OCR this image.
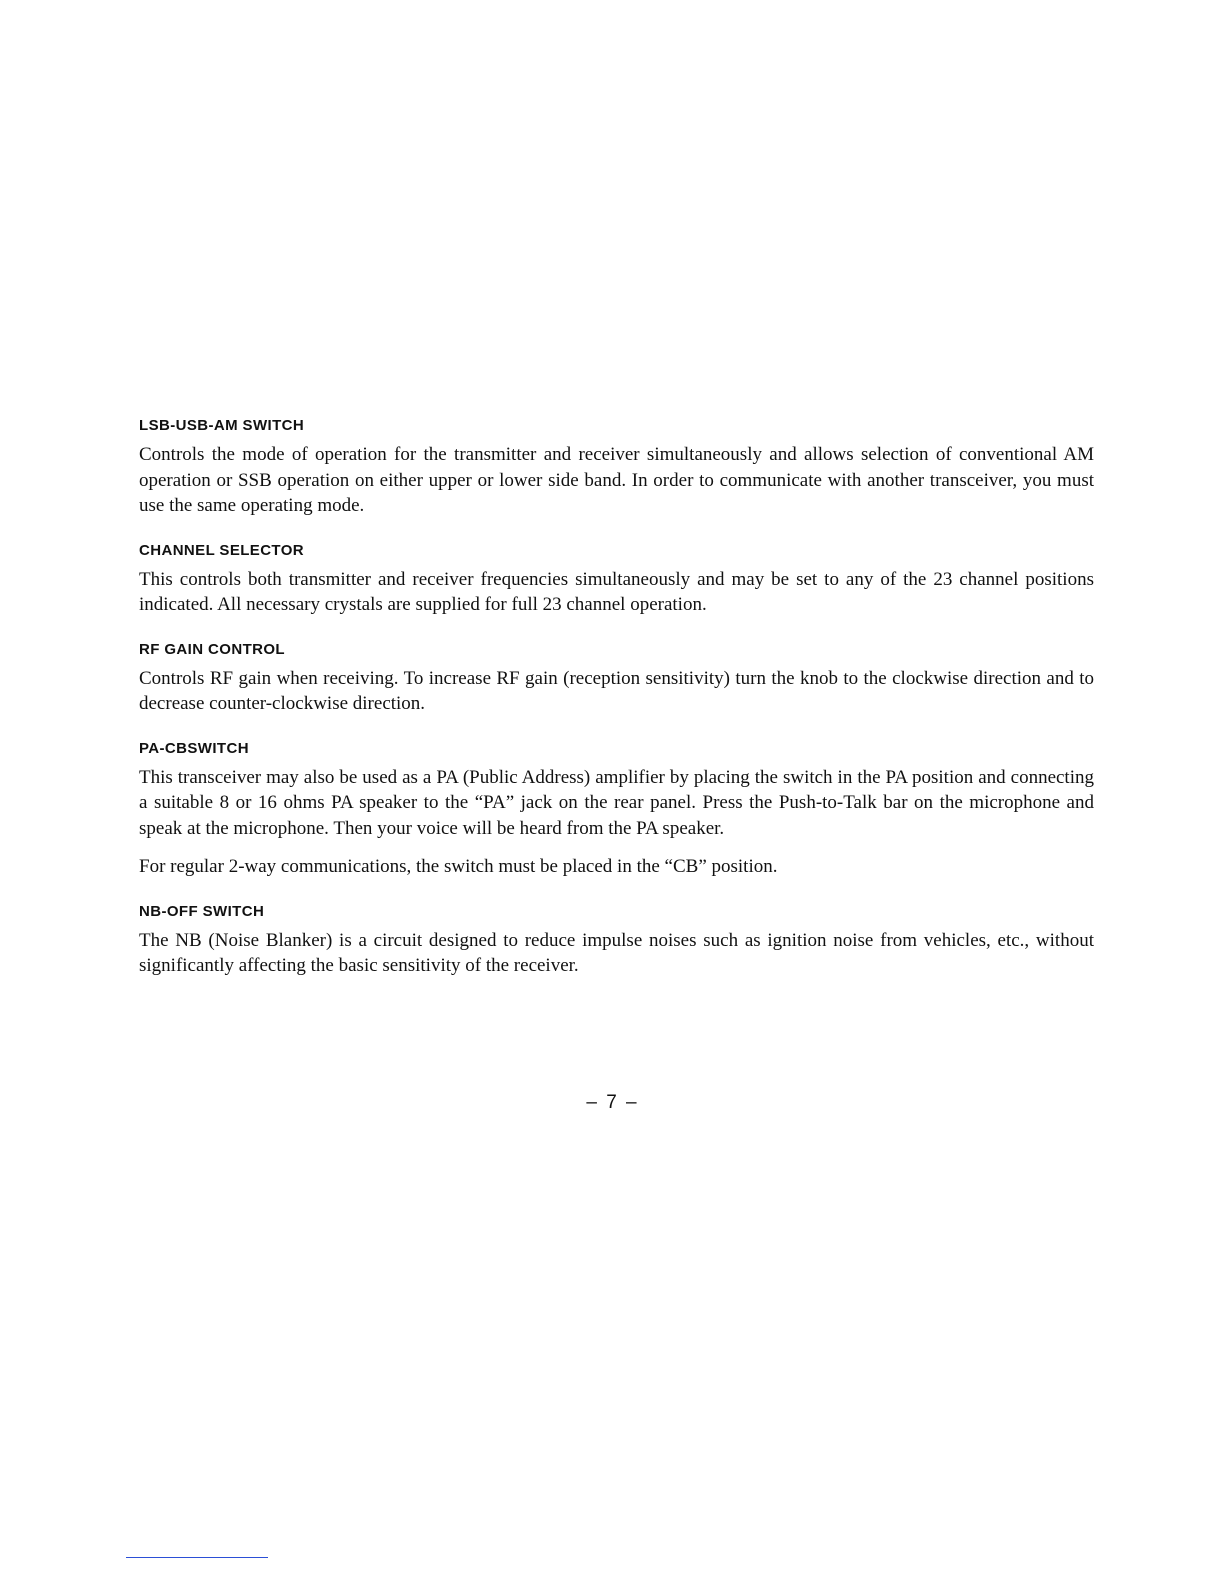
LSB-USB-AM SWITCH

Controls the mode of operation for the transmitter and receiver simultaneously and allows selection of conventional AM operation or SSB operation on either upper or lower side band. In order to communicate with another transceiver, you must use the same operating mode.

CHANNEL SELECTOR

This controls both transmitter and receiver frequencies simultaneously and may be set to any of the 23 channel positions indicated. All necessary crystals are supplied for full 23 channel operation.

RF GAIN CONTROL

Controls RF gain when receiving. To increase RF gain (reception sensitivity) turn the knob to the clockwise direction and to decrease counter-clockwise direction.

PA-CBSWITCH

This transceiver may also be used as a PA (Public Address) amplifier by placing the switch in the PA position and connecting a suitable 8 or 16 ohms PA speaker to the “PA” jack on the rear panel. Press the Push-to-Talk bar on the microphone and speak at the microphone. Then your voice will be heard from the PA speaker.

For regular 2-way communications, the switch must be placed in the “CB” position.

NB-OFF SWITCH

The NB (Noise Blanker) is a circuit designed to reduce impulse noises such as ignition noise from vehicles, etc., without significantly affecting the basic sensitivity of the receiver.

– 7 –
